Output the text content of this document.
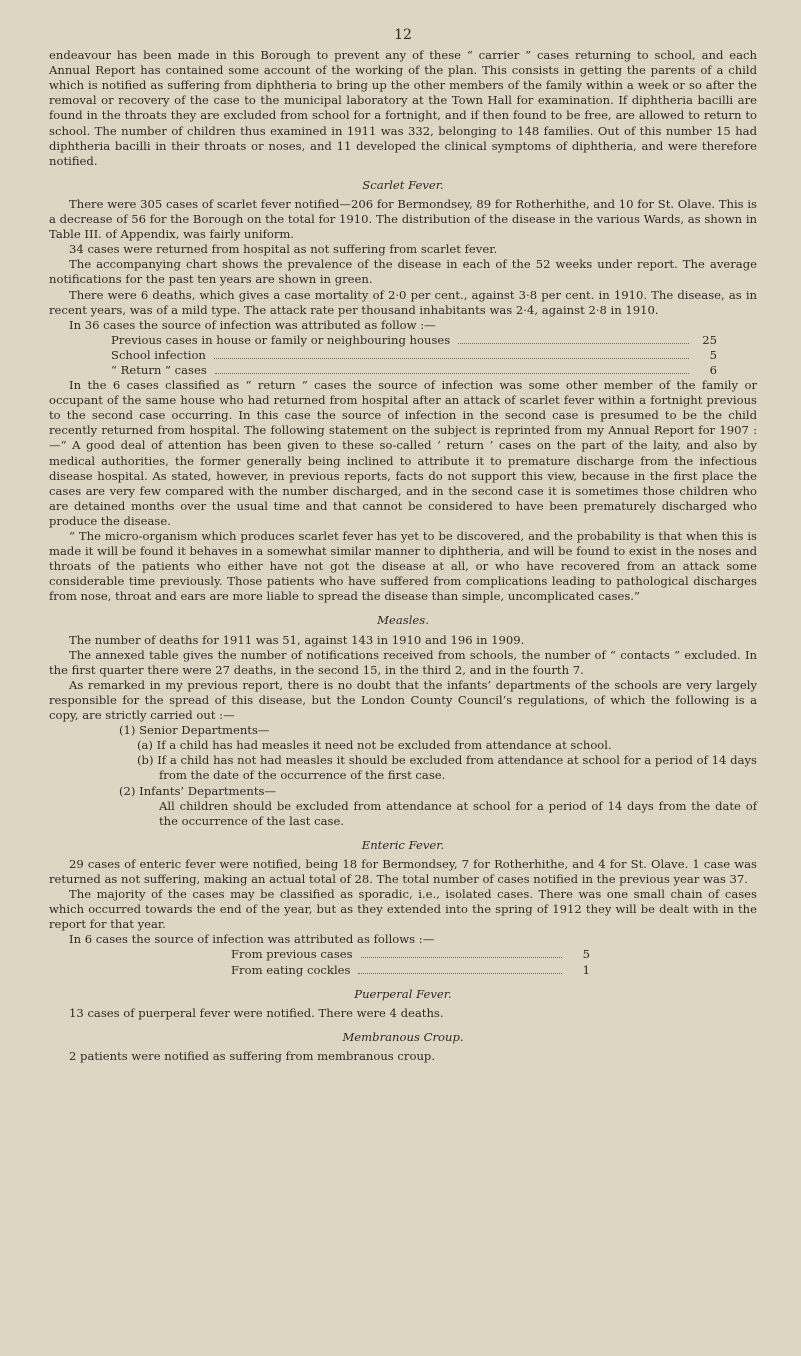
12

endeavour has been made in this Borough to prevent any of these “ carrier ” cases returning to school, and each Annual Report has contained some account of the working of the plan. This consists in getting the parents of a child which is notified as suffering from diphtheria to bring up the other members of the family within a week or so after the removal or recovery of the case to the municipal laboratory at the Town Hall for examination. If diphtheria bacilli are found in the throats they are excluded from school for a fortnight, and if then found to be free, are allowed to return to school. The number of children thus examined in 1911 was 332, belonging to 148 families. Out of this number 15 had diphtheria bacilli in their throats or noses, and 11 developed the clinical symptoms of diphtheria, and were therefore notified.

Scarlet Fever.

There were 305 cases of scarlet fever notified—206 for Bermondsey, 89 for Rotherhithe, and 10 for St. Olave. This is a decrease of 56 for the Borough on the total for 1910. The distribution of the disease in the various Wards, as shown in Table III. of Appendix, was fairly uniform.

34 cases were returned from hospital as not suffering from scarlet fever.

The accompanying chart shows the prevalence of the disease in each of the 52 weeks under report. The average notifications for the past ten years are shown in green.

There were 6 deaths, which gives a case mortality of 2·0 per cent., against 3·8 per cent. in 1910. The disease, as in recent years, was of a mild type. The attack rate per thousand inhabitants was 2·4, against 2·8 in 1910.

In 36 cases the source of infection was attributed as follow :—

Previous cases in house or family or neighbouring houses	25
School infection	5
“ Return ” cases	6

In the 6 cases classified as “ return ” cases the source of infection was some other member of the family or occupant of the same house who had returned from hospital after an attack of scarlet fever within a fortnight previous to the second case occurring. In this case the source of infection in the second case is presumed to be the child recently returned from hospital. The following statement on the subject is reprinted from my Annual Report for 1907 :—“ A good deal of attention has been given to these so-called ‘ return ’ cases on the part of the laity, and also by medical authorities, the former generally being inclined to attribute it to premature discharge from the infectious disease hospital. As stated, however, in previous reports, facts do not support this view, because in the first place the cases are very few compared with the number discharged, and in the second case it is sometimes those children who are detained months over the usual time and that cannot be considered to have been prematurely discharged who produce the disease.

“ The micro-organism which produces scarlet fever has yet to be discovered, and the probability is that when this is made it will be found it behaves in a somewhat similar manner to diphtheria, and will be found to exist in the noses and throats of the patients who either have not got the disease at all, or who have recovered from an attack some considerable time previously. Those patients who have suffered from complications leading to pathological discharges from nose, throat and ears are more liable to spread the disease than simple, uncomplicated cases.”

Measles.

The number of deaths for 1911 was 51, against 143 in 1910 and 196 in 1909.

The annexed table gives the number of notifications received from schools, the number of “ contacts ” excluded. In the first quarter there were 27 deaths, in the second 15, in the third 2, and in the fourth 7.

As remarked in my previous report, there is no doubt that the infants’ departments of the schools are very largely responsible for the spread of this disease, but the London County Council’s regulations, of which the following is a copy, are strictly carried out :—

(1) Senior Departments—

(a) If a child has had measles it need not be excluded from attendance at school.

(b) If a child has not had measles it should be excluded from attendance at school for a period of 14 days from the date of the occurrence of the first case.

(2) Infants’ Departments—

All children should be excluded from attendance at school for a period of 14 days from the date of the occurrence of the last case.

Enteric Fever.

29 cases of enteric fever were notified, being 18 for Bermondsey, 7 for Rotherhithe, and 4 for St. Olave. 1 case was returned as not suffering, making an actual total of 28. The total number of cases notified in the previous year was 37.

The majority of the cases may be classified as sporadic, i.e., isolated cases. There was one small chain of cases which occurred towards the end of the year, but as they extended into the spring of 1912 they will be dealt with in the report for that year.

In 6 cases the source of infection was attributed as follows :—

From previous cases	5
From eating cockles	1
Puerperal Fever.

13 cases of puerperal fever were notified. There were 4 deaths.

Membranous Croup.

2 patients were notified as suffering from membranous croup.
